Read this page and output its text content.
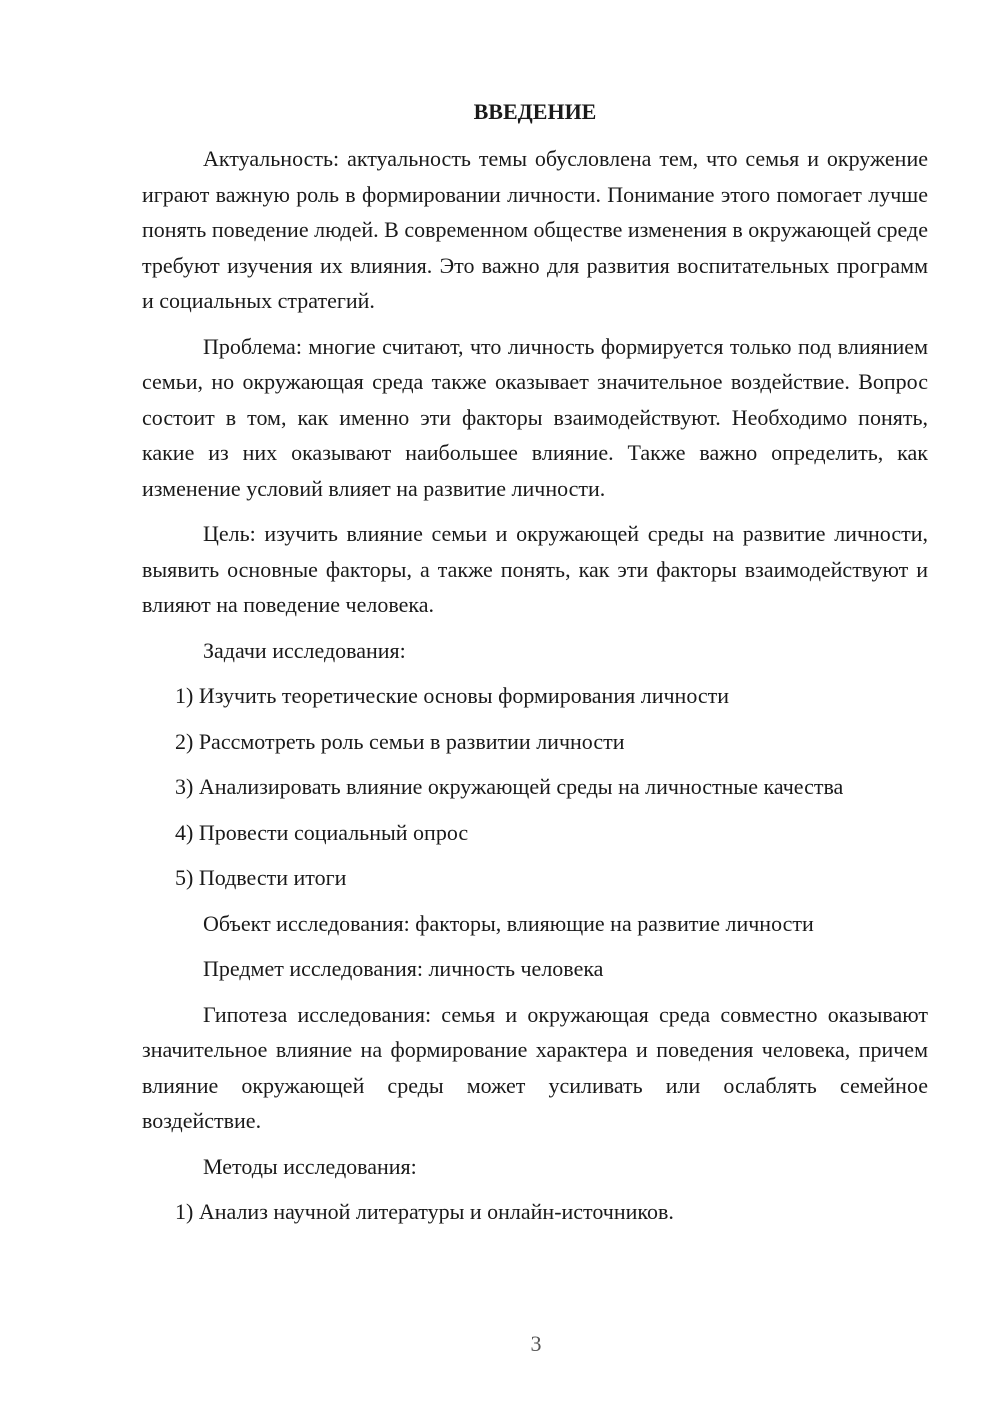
ВВЕДЕНИЕ

Актуальность: актуальность темы обусловлена тем, что семья и окружение играют важную роль в формировании личности. Понимание этого помогает лучше понять поведение людей. В современном обществе изменения в окружающей среде требуют изучения их влияния. Это важно для развития воспитательных программ и социальных стратегий.

Проблема: многие считают, что личность формируется только под влиянием семьи, но окружающая среда также оказывает значительное воздействие. Вопрос состоит в том, как именно эти факторы взаимодействуют. Необходимо понять, какие из них оказывают наибольшее влияние. Также важно определить, как изменение условий влияет на развитие личности.

Цель: изучить влияние семьи и окружающей среды на развитие личности, выявить основные факторы, а также понять, как эти факторы взаимодействуют и влияют на поведение человека.

Задачи исследования:

1) Изучить теоретические основы формирования личности

2) Рассмотреть роль семьи в развитии личности

3) Анализировать влияние окружающей среды на личностные качества

4) Провести социальный опрос

5) Подвести итоги

Объект исследования: факторы, влияющие на развитие личности

Предмет исследования: личность человека

Гипотеза исследования: семья и окружающая среда совместно оказывают значительное влияние на формирование характера и поведения человека, причем влияние окружающей среды может усиливать или ослаблять семейное воздействие.

Методы исследования:

1) Анализ научной литературы и онлайн-источников.

3
